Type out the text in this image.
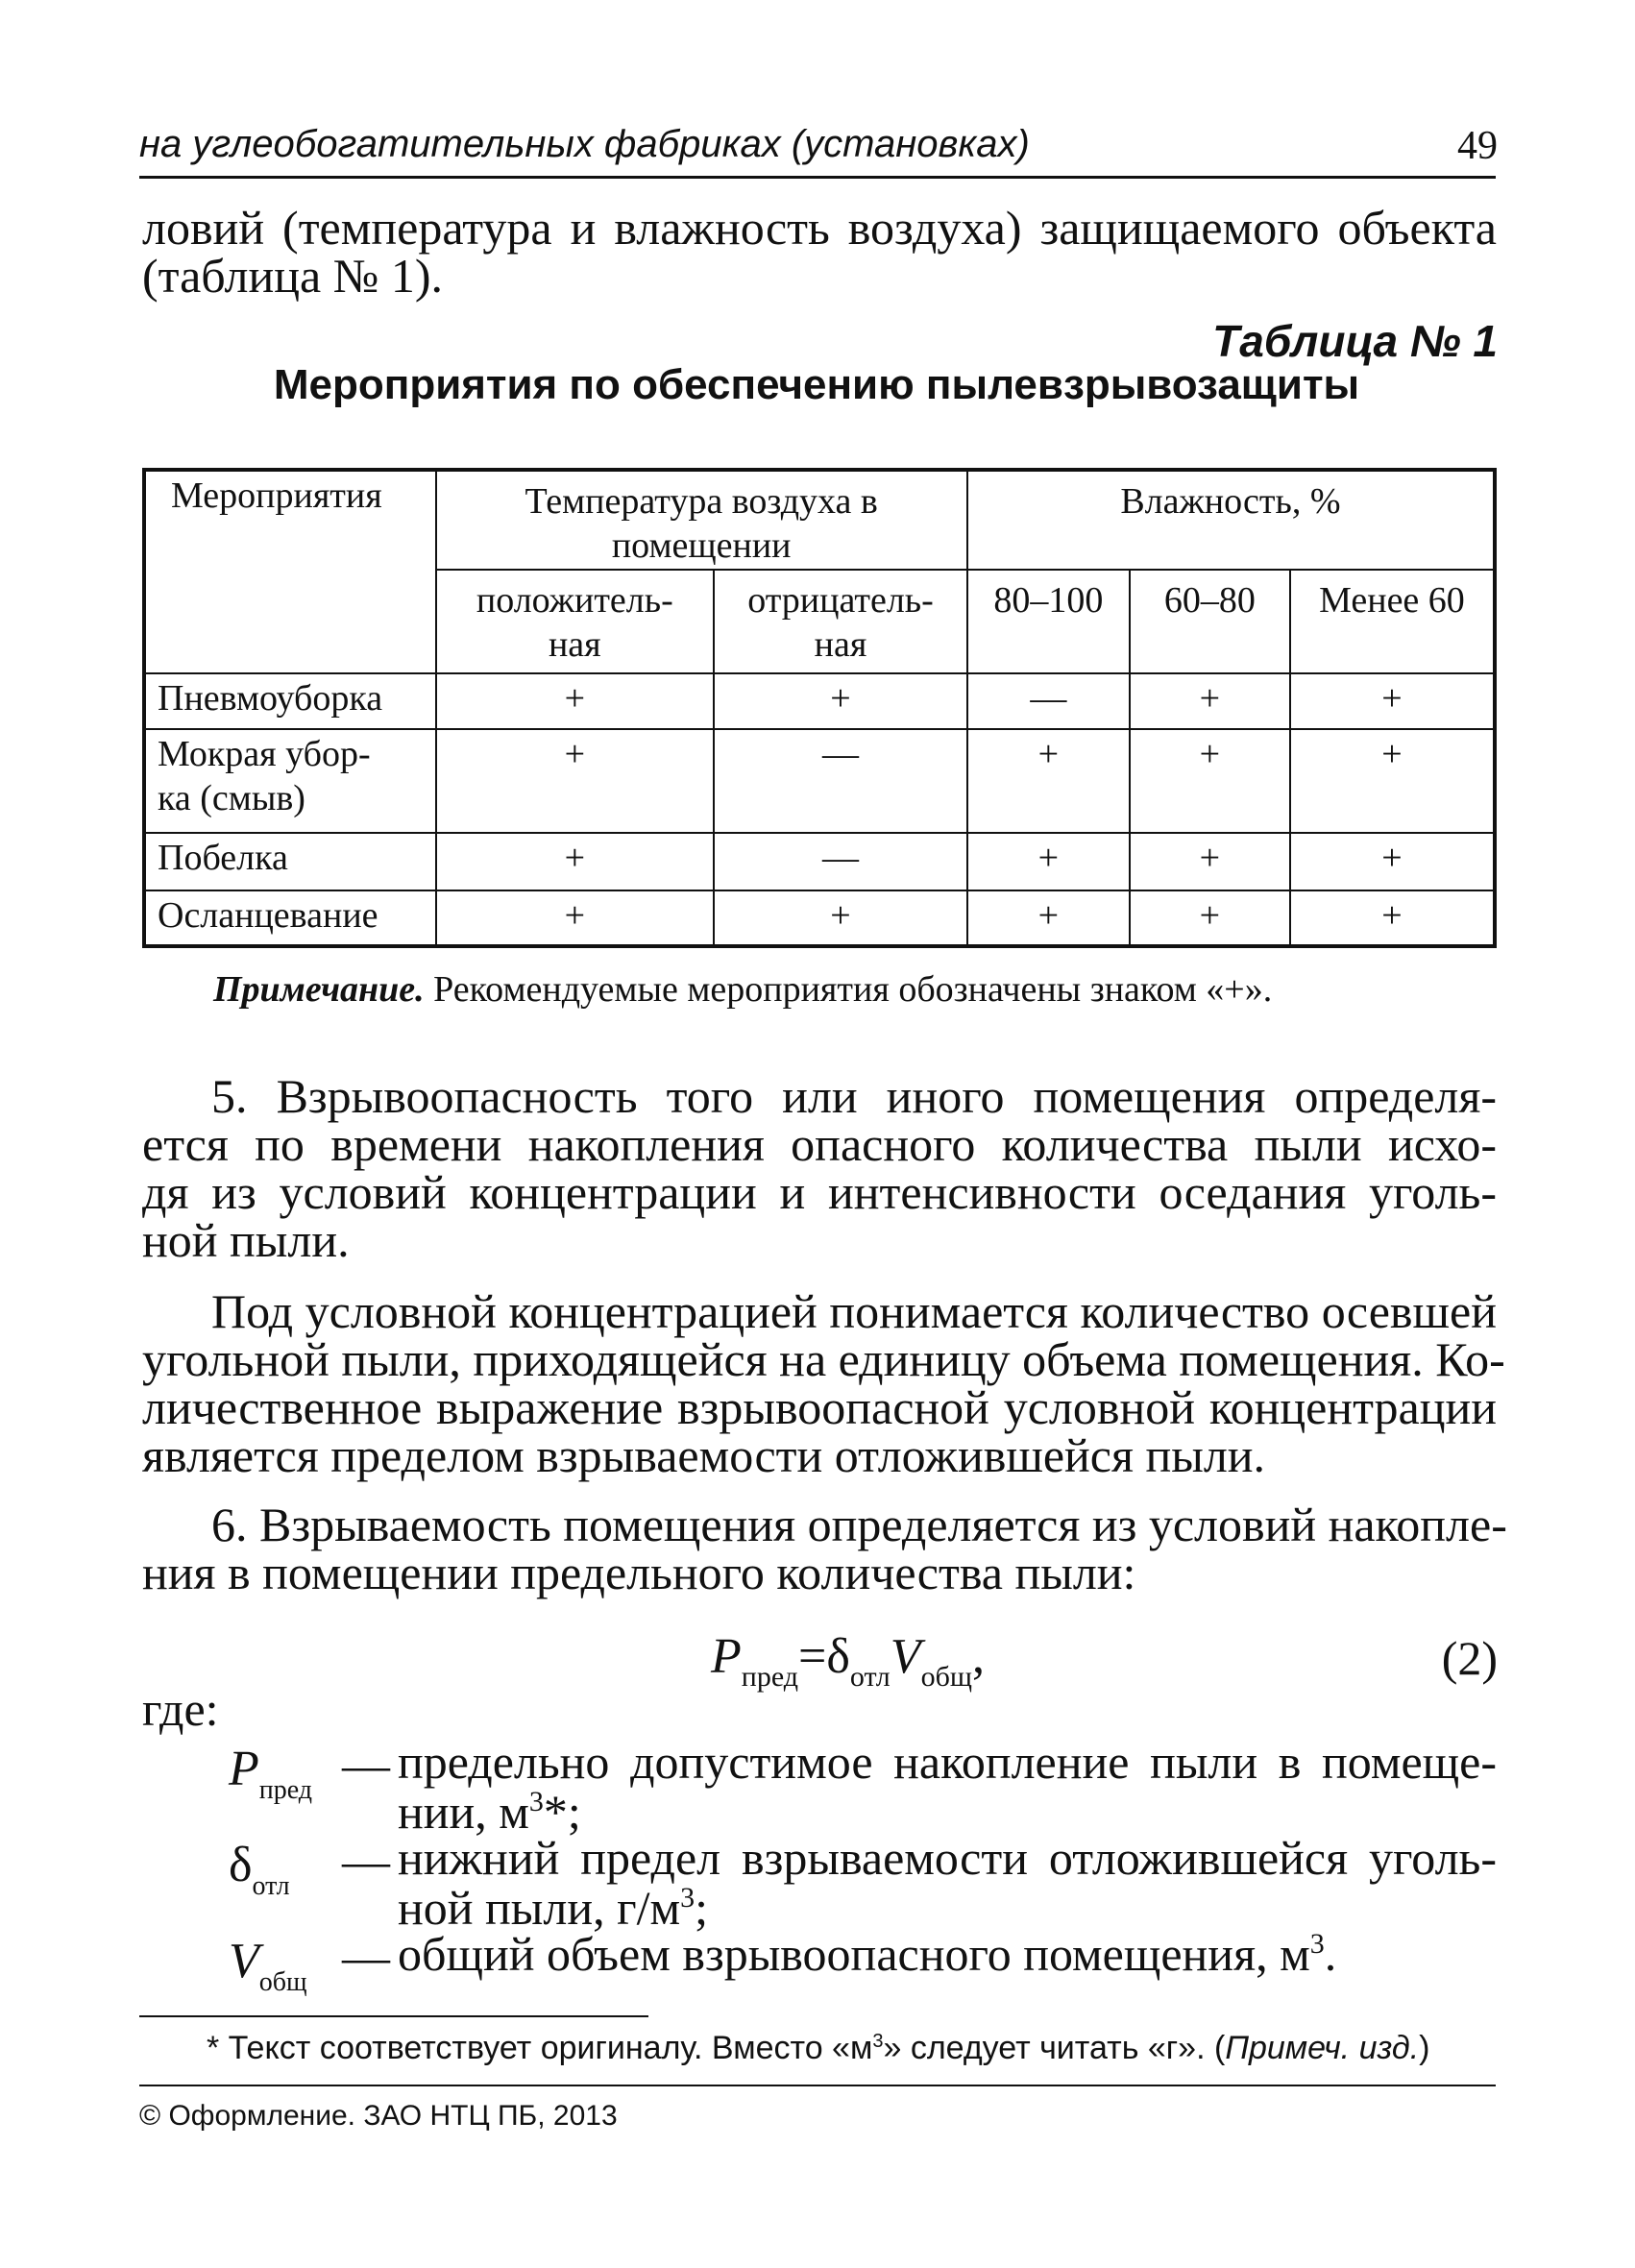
на углеобогатительных фабриках (установках)	49
ловий (температура и влажность воздуха) защищаемого объекта
(таблица № 1).
Таблица № 1
Мероприятия по обеспечению пылевзрывозащиты
Мероприятия	Температура воздуха в помещении		Влажность, %		
	положитель- ная	отрицатель- ная	80–100	60–80	Менее 60
Пневмоуборка	+	+	—	+	+
Мокрая убор- ка (смыв)	+	—	+	+	+
Побелка	+	—	+	+	+
Осланцевание	+	+	+	+	+
Примечание. Рекомендуемые мероприятия обозначены знаком «+».
5. Взрывоопасность того или иного помещения определя-
ется по времени накопления опасного количества пыли исхо-
дя из условий концентрации и интенсивности оседания уголь-
ной пыли.
Под условной концентрацией понимается количество осевшей
угольной пыли, приходящейся на единицу объема помещения. Ко-
личественное выражение взрывоопасной условной концентрации
является пределом взрываемости отложившейся пыли.
6. Взрываемость помещения определяется из условий накопле-
ния в помещении предельного количества пыли:
$P_{пред}=\delta_{отл}V_{общ}$,	(2)
где:
$P_{пред}$ — предельно допустимое накопление пыли в помеще-
нии, $м^3*$;
$\delta_{отл}$ — нижний предел взрываемости отложившейся уголь-
ной пыли, $г/м^3$;
$V_{общ}$ — общий объем взрывоопасного помещения, $м^3$.
* Текст соответствует оригиналу. Вместо «$м^3$» следует читать «г». (Примеч. изд.)
© Оформление. ЗАО НТЦ ПБ, 2013
